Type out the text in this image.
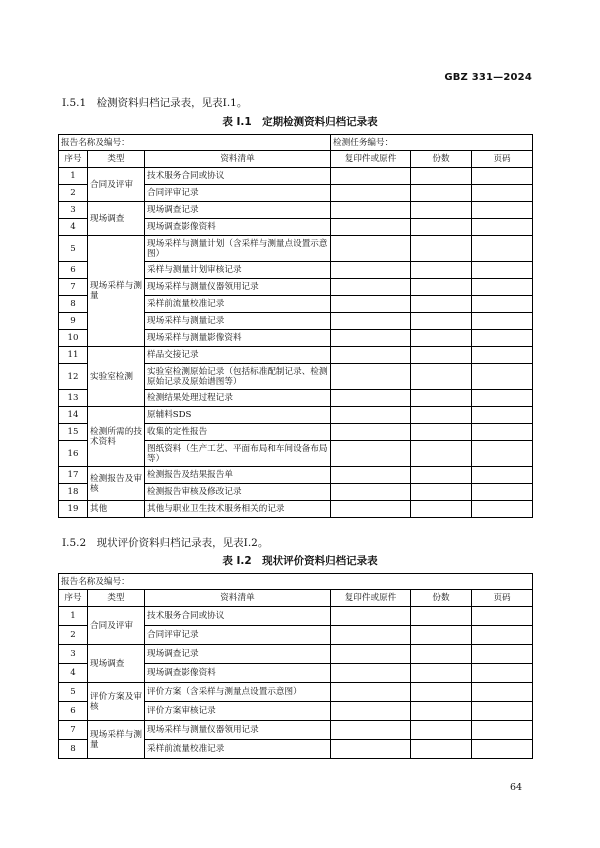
GBZ 331—2024
I.5.1　检测资料归档记录表，见表I.1。
表 I.1　定期检测资料归档记录表
报告名称及编号：			检测任务编号：		
序号	类型	资料清单	复印件或原件	份数	页码
1	合同及评审	技术服务合同或协议			
2		合同评审记录			
3	现场调查	现场调查记录			
4		现场调查影像资料			
5	现场采样与测量	现场采样与测量计划（含采样与测量点设置示意图）			
6		采样与测量计划审核记录			
7		现场采样与测量仪器领用记录			
8		采样前流量校准记录			
9		现场采样与测量记录			
10		现场采样与测量影像资料			
11	实验室检测	样品交接记录			
12		实验室检测原始记录（包括标准配制记录、检测原始记录及原始谱图等）			
13		检测结果处理过程记录			
14	检测所需的技术资料	原辅料SDS			
15		收集的定性报告			
16		图纸资料（生产工艺、平面布局和车间设备布局等）			
17	检测报告及审核	检测报告及结果报告单			
18		检测报告审核及修改记录			
19	其他	其他与职业卫生技术服务相关的记录			
I.5.2　现状评价资料归档记录表，见表I.2。
表 I.2　现状评价资料归档记录表
报告名称及编号：					
序号	类型	资料清单	复印件或原件	份数	页码
1	合同及评审	技术服务合同或协议			
2		合同评审记录			
3	现场调查	现场调查记录			
4		现场调查影像资料			
5	评价方案及审核	评价方案（含采样与测量点设置示意图）			
6		评价方案审核记录			
7	现场采样与测量	现场采样与测量仪器领用记录			
8		采样前流量校准记录			
64
